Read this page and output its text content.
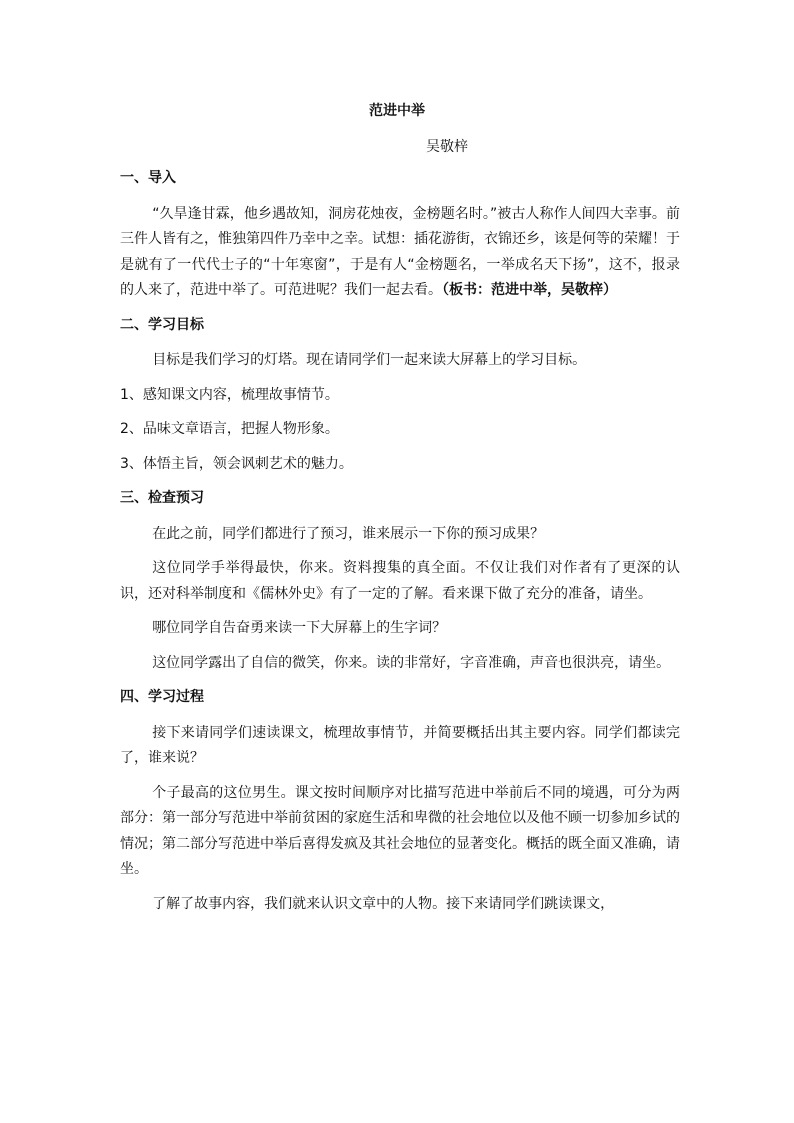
范进中举
吴敬梓
一、导入
“久旱逢甘霖，他乡遇故知，洞房花烛夜，金榜题名时。”被古人称作人间四大幸事。前三件人皆有之，惟独第四件乃幸中之幸。试想：插花游街，衣锦还乡，该是何等的荣耀！于是就有了一代代士子的“十年寒窗”，于是有人“金榜题名，一举成名天下扬”，这不，报录的人来了，范进中举了。可范进呢？我们一起去看。（板书：范进中举，吴敬梓）
二、学习目标
目标是我们学习的灯塔。现在请同学们一起来读大屏幕上的学习目标。
1、感知课文内容，梳理故事情节。
2、品味文章语言，把握人物形象。
3、体悟主旨，领会讽刺艺术的魅力。
三、检查预习
在此之前，同学们都进行了预习，谁来展示一下你的预习成果？
这位同学手举得最快，你来。资料搜集的真全面。不仅让我们对作者有了更深的认识，还对科举制度和《儒林外史》有了一定的了解。看来课下做了充分的准备，请坐。
哪位同学自告奋勇来读一下大屏幕上的生字词？
这位同学露出了自信的微笑，你来。读的非常好，字音准确，声音也很洪亮，请坐。
四、学习过程
接下来请同学们速读课文，梳理故事情节，并简要概括出其主要内容。同学们都读完了，谁来说？
个子最高的这位男生。课文按时间顺序对比描写范进中举前后不同的境遇，可分为两部分：第一部分写范进中举前贫困的家庭生活和卑微的社会地位以及他不顾一切参加乡试的情况；第二部分写范进中举后喜得发疯及其社会地位的显著变化。概括的既全面又准确，请坐。
了解了故事内容，我们就来认识文章中的人物。接下来请同学们跳读课文，
